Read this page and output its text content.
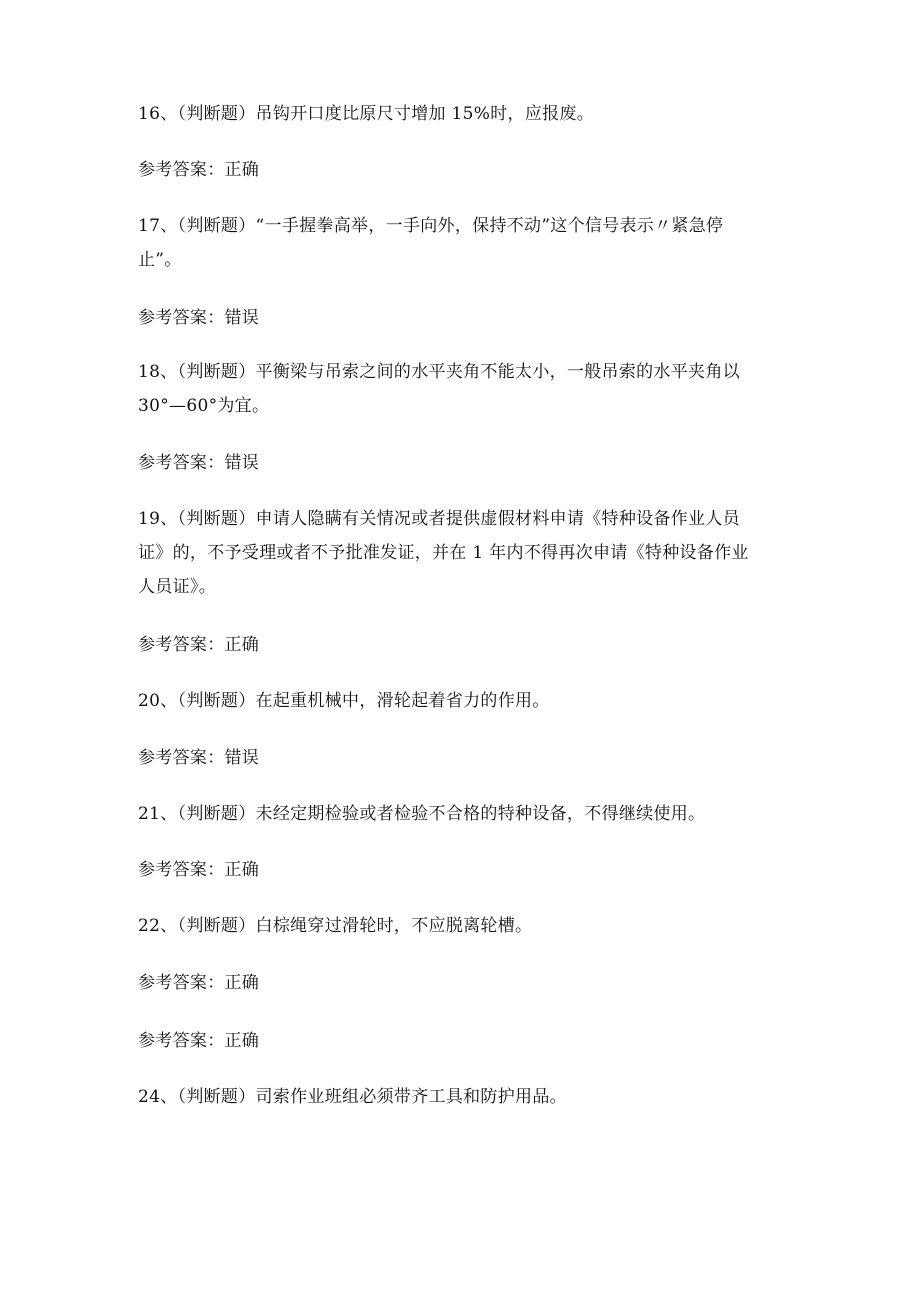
16、（判断题）吊钩开口度比原尺寸增加 15%时，应报废。
参考答案：正确
17、（判断题）“一手握拳高举，一手向外，保持不动”这个信号表示〃紧急停
止”。
参考答案：错误
18、（判断题）平衡梁与吊索之间的水平夹角不能太小，一般吊索的水平夹角以
30°—60°为宜。
参考答案：错误
19、（判断题）申请人隐瞒有关情况或者提供虚假材料申请《特种设备作业人员
证》的，不予受理或者不予批准发证，并在 1 年内不得再次申请《特种设备作业
人员证》。
参考答案：正确
20、（判断题）在起重机械中，滑轮起着省力的作用。
参考答案：错误
21、（判断题）未经定期检验或者检验不合格的特种设备，不得继续使用。
参考答案：正确
22、（判断题）白棕绳穿过滑轮时，不应脱离轮槽。
参考答案：正确
参考答案：正确
24、（判断题）司索作业班组必须带齐工具和防护用品。
